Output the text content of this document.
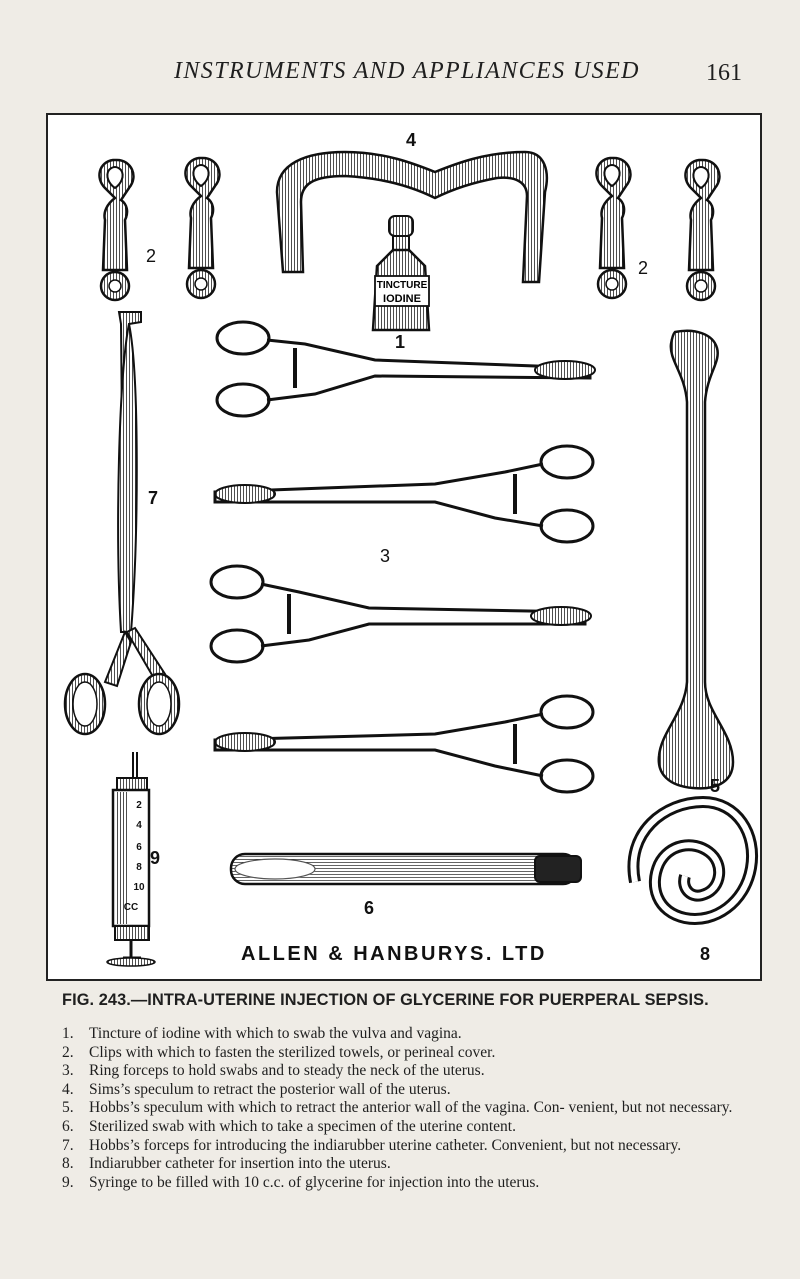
INSTRUMENTS AND APPLIANCES USED	161
TINCTURE
IODINE
2
2
4
1
7
3
5
9
6
8
2
4
6
8
10
CC
ALLEN & HANBURYS. LTD
FIG. 243.—INTRA-UTERINE INJECTION OF GLYCERINE FOR PUERPERAL SEPSIS.
1. Tincture of iodine with which to swab the vulva and vagina.
2. Clips with which to fasten the sterilized towels, or perineal cover.
3. Ring forceps to hold swabs and to steady the neck of the uterus.
4. Sims’s speculum to retract the posterior wall of the uterus.
5. Hobbs’s speculum with which to retract the anterior wall of the vagina. Con- venient, but not necessary.
6. Sterilized swab with which to take a specimen of the uterine content.
7. Hobbs’s forceps for introducing the indiarubber uterine catheter. Convenient, but not necessary.
8. Indiarubber catheter for insertion into the uterus.
9. Syringe to be filled with 10 c.c. of glycerine for injection into the uterus.
